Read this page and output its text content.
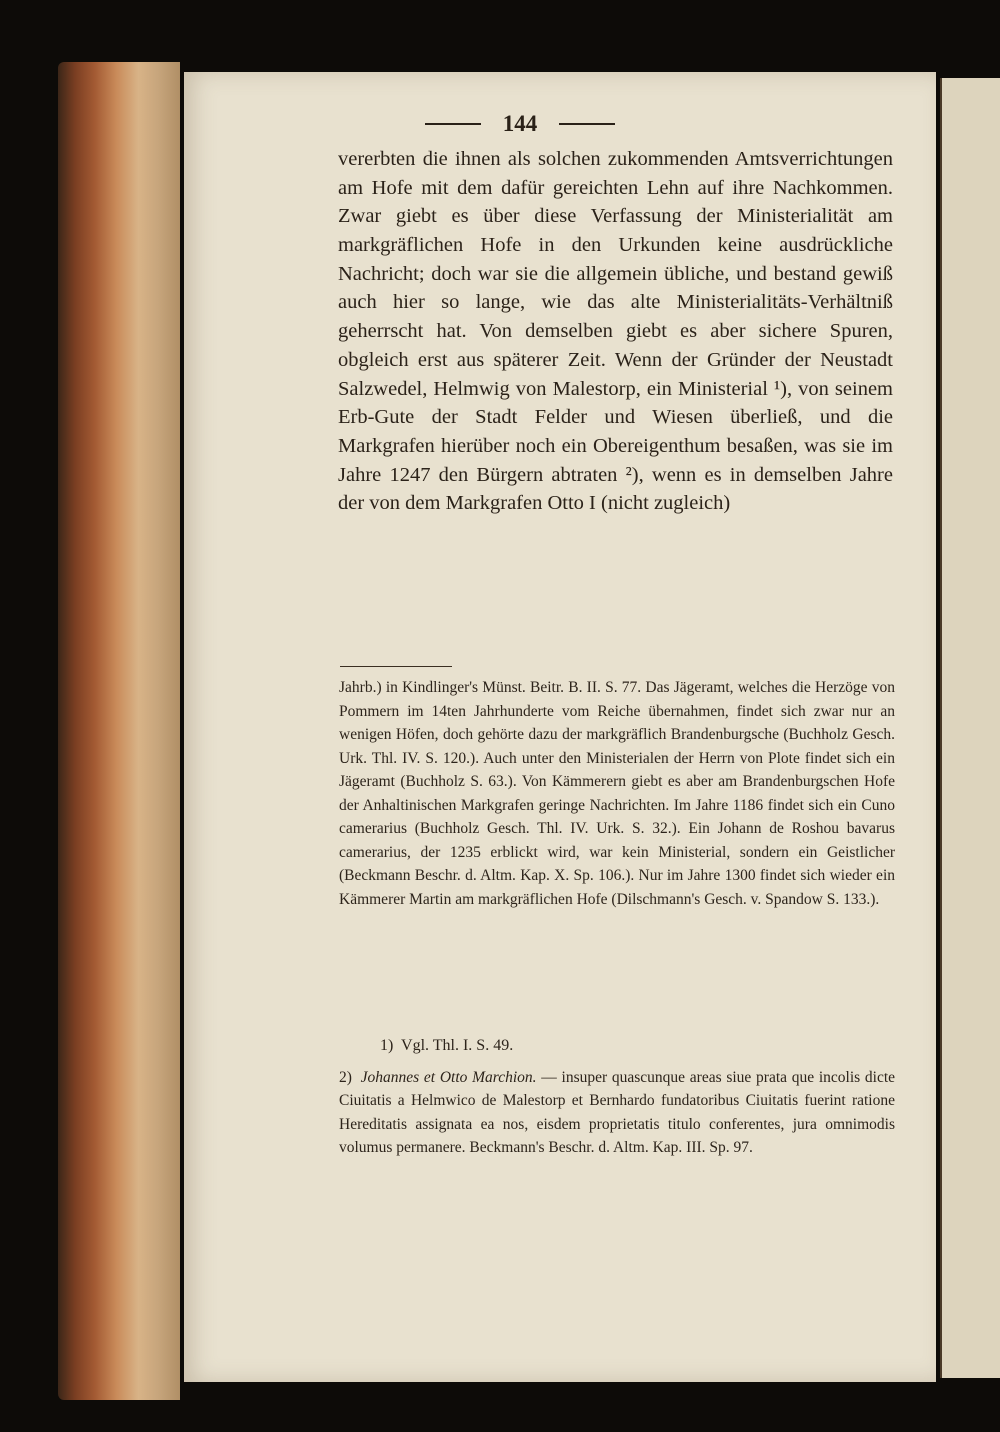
144

vererbten die ihnen als solchen zukommenden Amtsverrichtungen am Hofe mit dem dafür gereichten Lehn auf ihre Nachkommen. Zwar giebt es über diese Verfassung der Ministerialität am markgräflichen Hofe in den Urkunden keine ausdrückliche Nachricht; doch war sie die allgemein übliche, und bestand gewiß auch hier so lange, wie das alte Ministerialitäts-Verhältniß geherrscht hat. Von demselben giebt es aber sichere Spuren, obgleich erst aus späterer Zeit. Wenn der Gründer der Neustadt Salzwedel, Helmwig von Malestorp, ein Ministerial ¹), von seinem Erb-Gute der Stadt Felder und Wiesen überließ, und die Markgrafen hierüber noch ein Obereigenthum besaßen, was sie im Jahre 1247 den Bürgern abtraten ²), wenn es in demselben Jahre der von dem Markgrafen Otto I (nicht zugleich)

Jahrb.) in Kindlinger's Münst. Beitr. B. II. S. 77. Das Jägeramt, welches die Herzöge von Pommern im 14ten Jahrhunderte vom Reiche übernahmen, findet sich zwar nur an wenigen Höfen, doch gehörte dazu der markgräflich Brandenburgsche (Buchholz Gesch. Urk. Thl. IV. S. 120.). Auch unter den Ministerialen der Herrn von Plote findet sich ein Jägeramt (Buchholz S. 63.). Von Kämmerern giebt es aber am Brandenburgschen Hofe der Anhaltinischen Markgrafen geringe Nachrichten. Im Jahre 1186 findet sich ein Cuno camerarius (Buchholz Gesch. Thl. IV. Urk. S. 32.). Ein Johann de Roshou bavarus camerarius, der 1235 erblickt wird, war kein Ministerial, sondern ein Geistlicher (Beckmann Beschr. d. Altm. Kap. X. Sp. 106.). Nur im Jahre 1300 findet sich wieder ein Kämmerer Martin am markgräflichen Hofe (Dilschmann's Gesch. v. Spandow S. 133.).

1) Vgl. Thl. I. S. 49.

2) Johannes et Otto Marchion. — insuper quascunque areas siue prata que incolis dicte Ciuitatis a Helmwico de Malestorp et Bernhardo fundatoribus Ciuitatis fuerint ratione Hereditatis assignata ea nos, eisdem proprietatis titulo conferentes, jura omnimodis volumus permanere. Beckmann's Beschr. d. Altm. Kap. III. Sp. 97.
